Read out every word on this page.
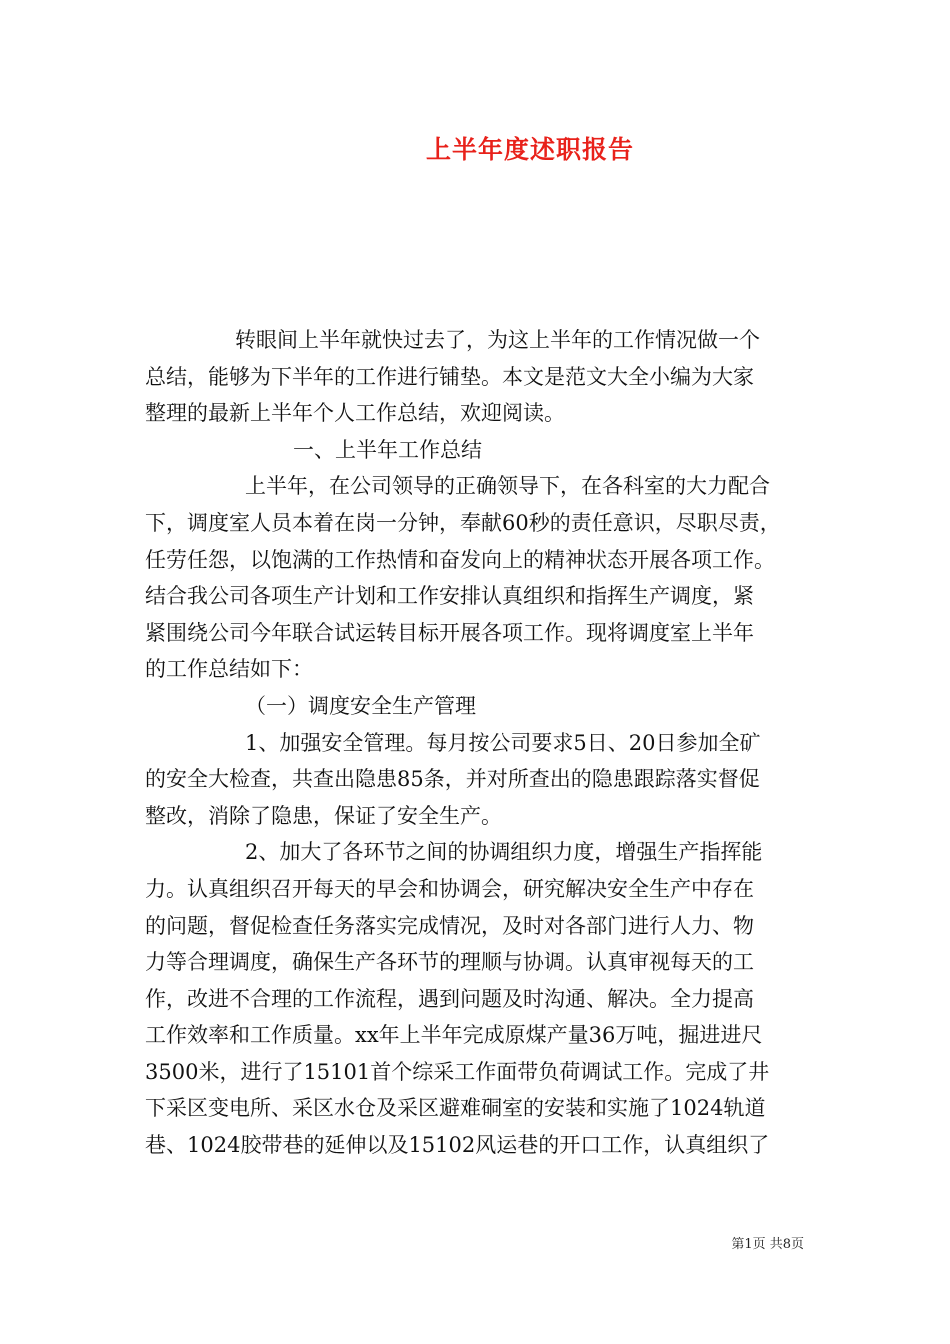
上半年度述职报告
转眼间上半年就快过去了，为这上半年的工作情况做一个
总结，能够为下半年的工作进行铺垫。本文是范文大全小编为大家
整理的最新上半年个人工作总结，欢迎阅读。
一、上半年工作总结
上半年，在公司领导的正确领导下，在各科室的大力配合
下，调度室人员本着在岗一分钟，奉献60秒的责任意识，尽职尽责，
任劳任怨，以饱满的工作热情和奋发向上的精神状态开展各项工作。
结合我公司各项生产计划和工作安排认真组织和指挥生产调度，紧
紧围绕公司今年联合试运转目标开展各项工作。现将调度室上半年
的工作总结如下：
（一）调度安全生产管理
1、加强安全管理。每月按公司要求5日、20日参加全矿
的安全大检查，共查出隐患85条，并对所查出的隐患跟踪落实督促
整改，消除了隐患，保证了安全生产。
2、加大了各环节之间的协调组织力度，增强生产指挥能
力。认真组织召开每天的早会和协调会，研究解决安全生产中存在
的问题，督促检查任务落实完成情况，及时对各部门进行人力、物
力等合理调度，确保生产各环节的理顺与协调。认真审视每天的工
作，改进不合理的工作流程，遇到问题及时沟通、解决。全力提高
工作效率和工作质量。xx年上半年完成原煤产量36万吨，掘进进尺
3500米，进行了15101首个综采工作面带负荷调试工作。完成了井
下采区变电所、采区水仓及采区避难硐室的安装和实施了1024轨道
巷、1024胶带巷的延伸以及15102风运巷的开口工作，认真组织了
第1页 共8页
